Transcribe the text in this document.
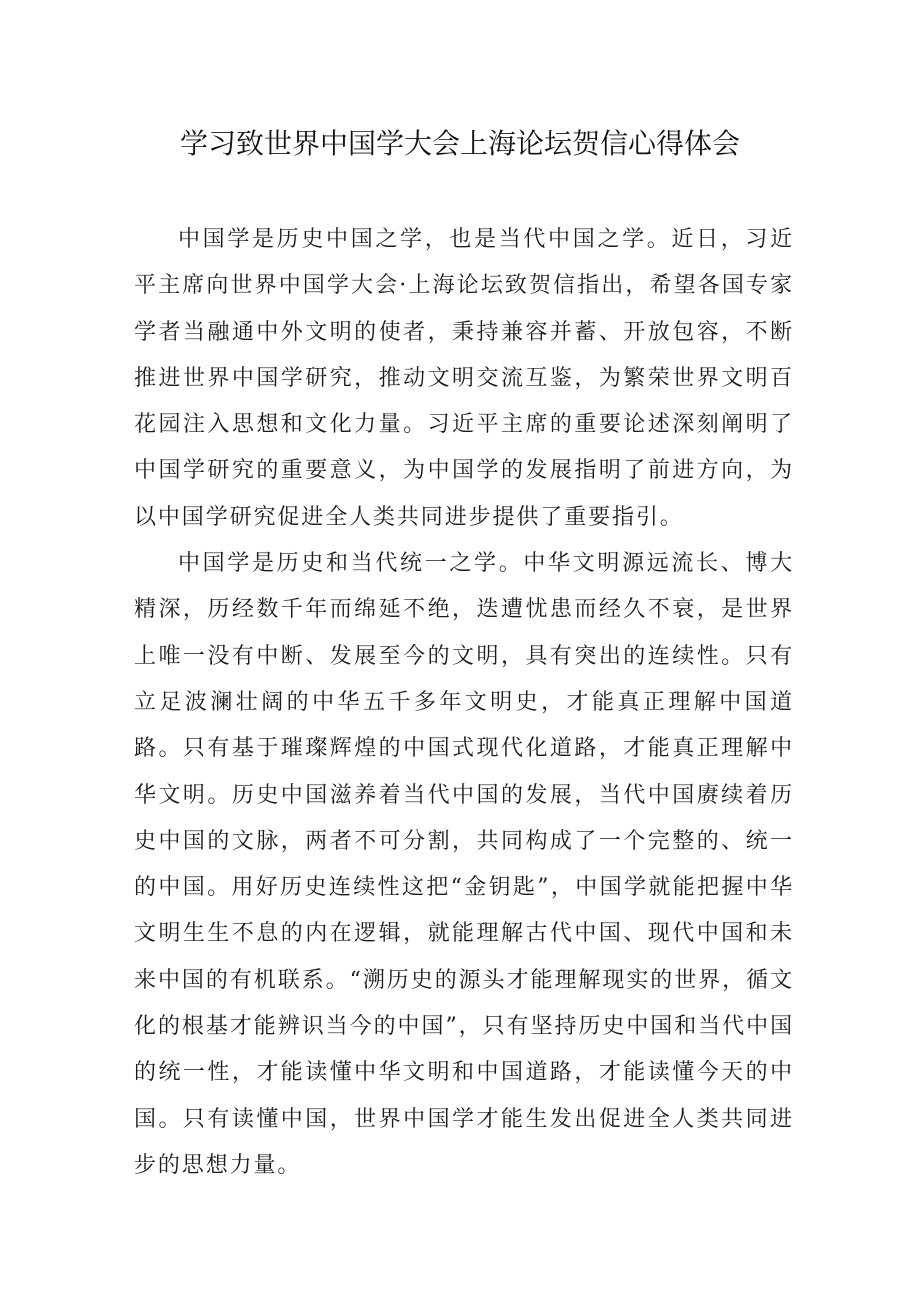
学习致世界中国学大会上海论坛贺信心得体会

中国学是历史中国之学，也是当代中国之学。近日，习近平主席向世界中国学大会·上海论坛致贺信指出，希望各国专家学者当融通中外文明的使者，秉持兼容并蓄、开放包容，不断推进世界中国学研究，推动文明交流互鉴，为繁荣世界文明百花园注入思想和文化力量。习近平主席的重要论述深刻阐明了中国学研究的重要意义，为中国学的发展指明了前进方向，为以中国学研究促进全人类共同进步提供了重要指引。

中国学是历史和当代统一之学。中华文明源远流长、博大精深，历经数千年而绵延不绝，迭遭忧患而经久不衰，是世界上唯一没有中断、发展至今的文明，具有突出的连续性。只有立足波澜壮阔的中华五千多年文明史，才能真正理解中国道路。只有基于璀璨辉煌的中国式现代化道路，才能真正理解中华文明。历史中国滋养着当代中国的发展，当代中国赓续着历史中国的文脉，两者不可分割，共同构成了一个完整的、统一的中国。用好历史连续性这把“金钥匙”，中国学就能把握中华文明生生不息的内在逻辑，就能理解古代中国、现代中国和未来中国的有机联系。“溯历史的源头才能理解现实的世界，循文化的根基才能辨识当今的中国”，只有坚持历史中国和当代中国的统一性，才能读懂中华文明和中国道路，才能读懂今天的中国。只有读懂中国，世界中国学才能生发出促进全人类共同进步的思想力量。
